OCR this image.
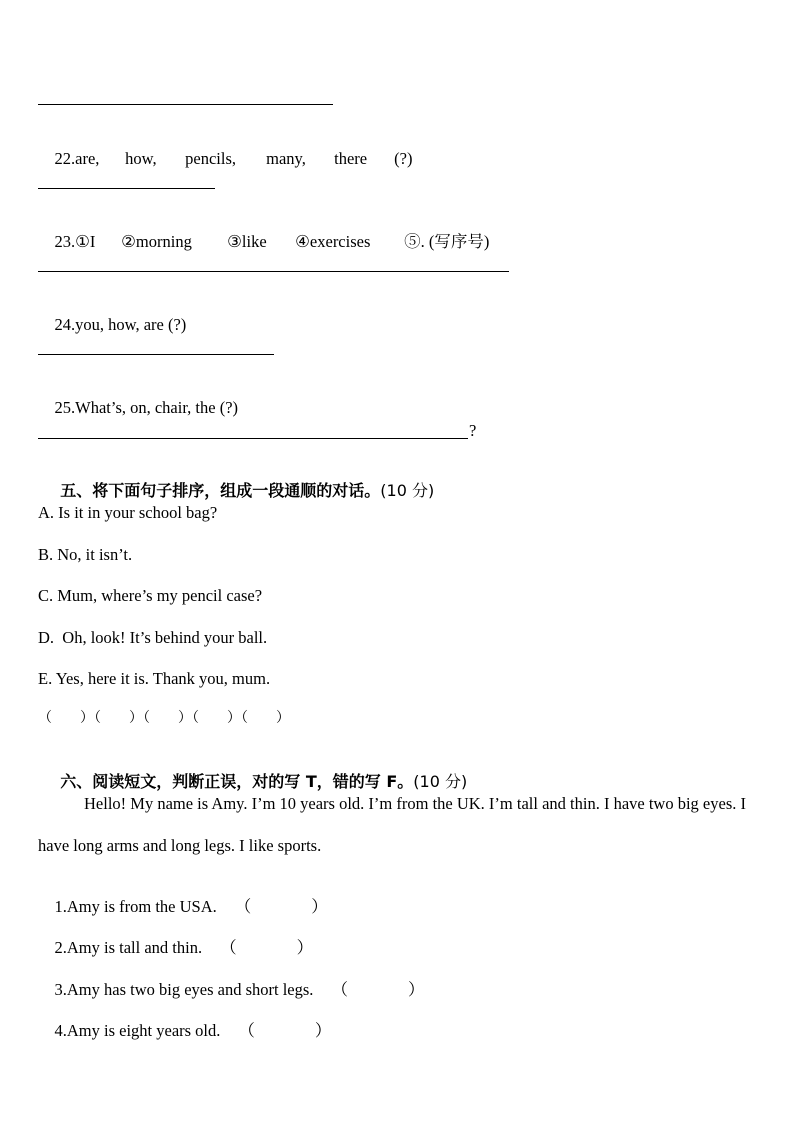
22.are, how, pencils, many, there (?)

23.①I ②morning ③like ④exercises ⑤. (写序号)

24.you, how, are (?)

25.What’s, on, chair, the (?)

?

五、将下面句子排序，组成一段通顺的对话。(10 分)

A. Is it in your school bag?
B. No, it isn’t.
C. Mum, where’s my pencil case?
D.  Oh, look! It’s behind your ball.
E. Yes, here it is. Thank you, mum.
（        ）（        ）（        ）（        ）（        ）

六、阅读短文，判断正误，对的写 T，错的写 F。(10 分)

Hello! My name is Amy. I’m 10 years old. I’m from the UK. I’m tall and thin. I have two big eyes. I have long arms and long legs. I like sports.

1.Amy is from the USA. （	）

2.Amy is tall and thin. （	）

3.Amy has two big eyes and short legs. （	）

4.Amy is eight years old. （	）
